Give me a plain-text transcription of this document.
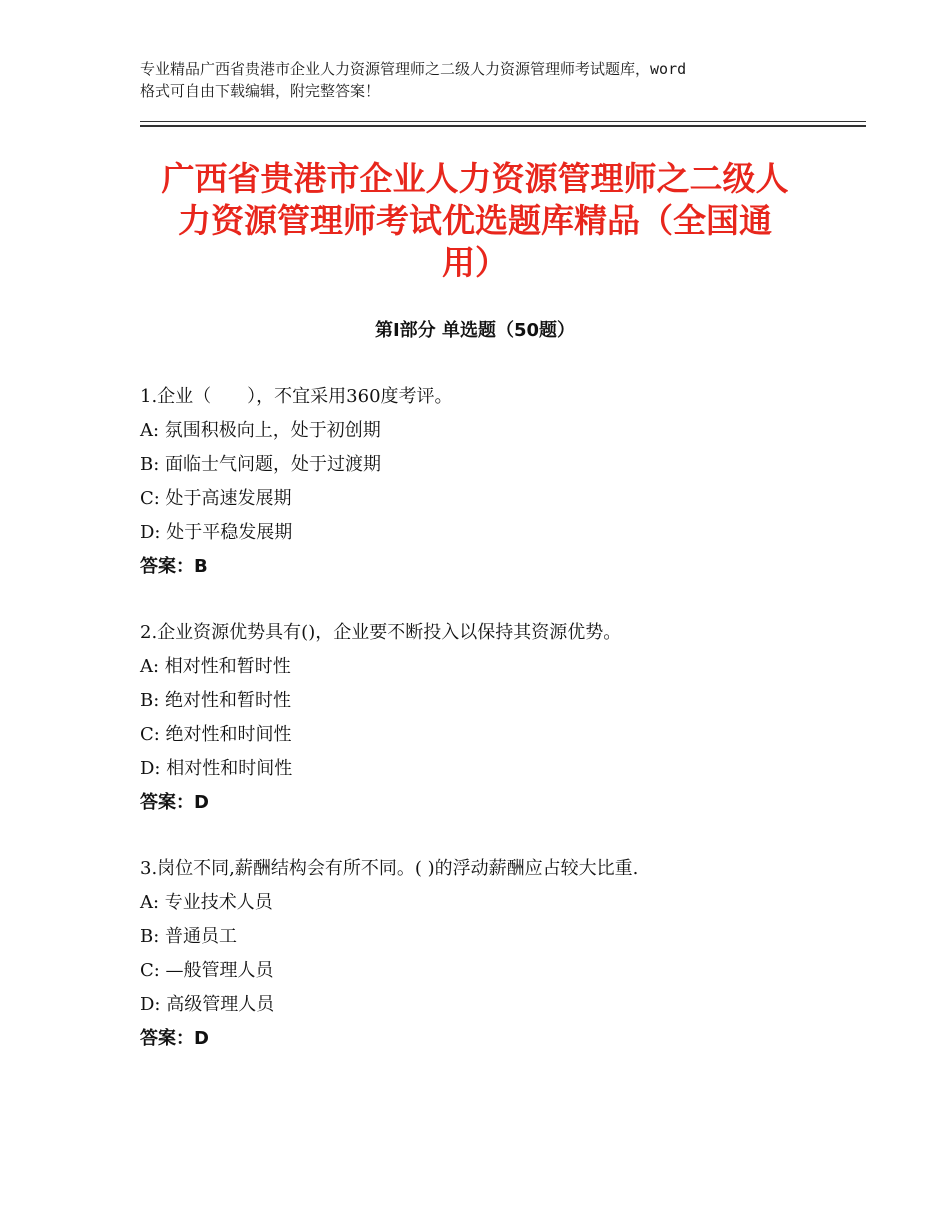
专业精品广西省贵港市企业人力资源管理师之二级人力资源管理师考试题库，word
格式可自由下载编辑，附完整答案！
广西省贵港市企业人力资源管理师之二级人
力资源管理师考试优选题库精品（全国通
用）
第Ⅰ部分 单选题（50题）
1.企业（　　），不宜采用360度考评。
A: 氛围积极向上，处于初创期
B: 面临士气问题，处于过渡期
C: 处于高速发展期
D: 处于平稳发展期
答案：B
2.企业资源优势具有()，企业要不断投入以保持其资源优势。
A: 相对性和暂时性
B: 绝对性和暂时性
C: 绝对性和时间性
D: 相对性和时间性
答案：D
3.岗位不同,薪酬结构会有所不同。( )的浮动薪酬应占较大比重.
A: 专业技术人员
B: 普通员工
C: —般管理人员
D: 高级管理人员
答案：D
